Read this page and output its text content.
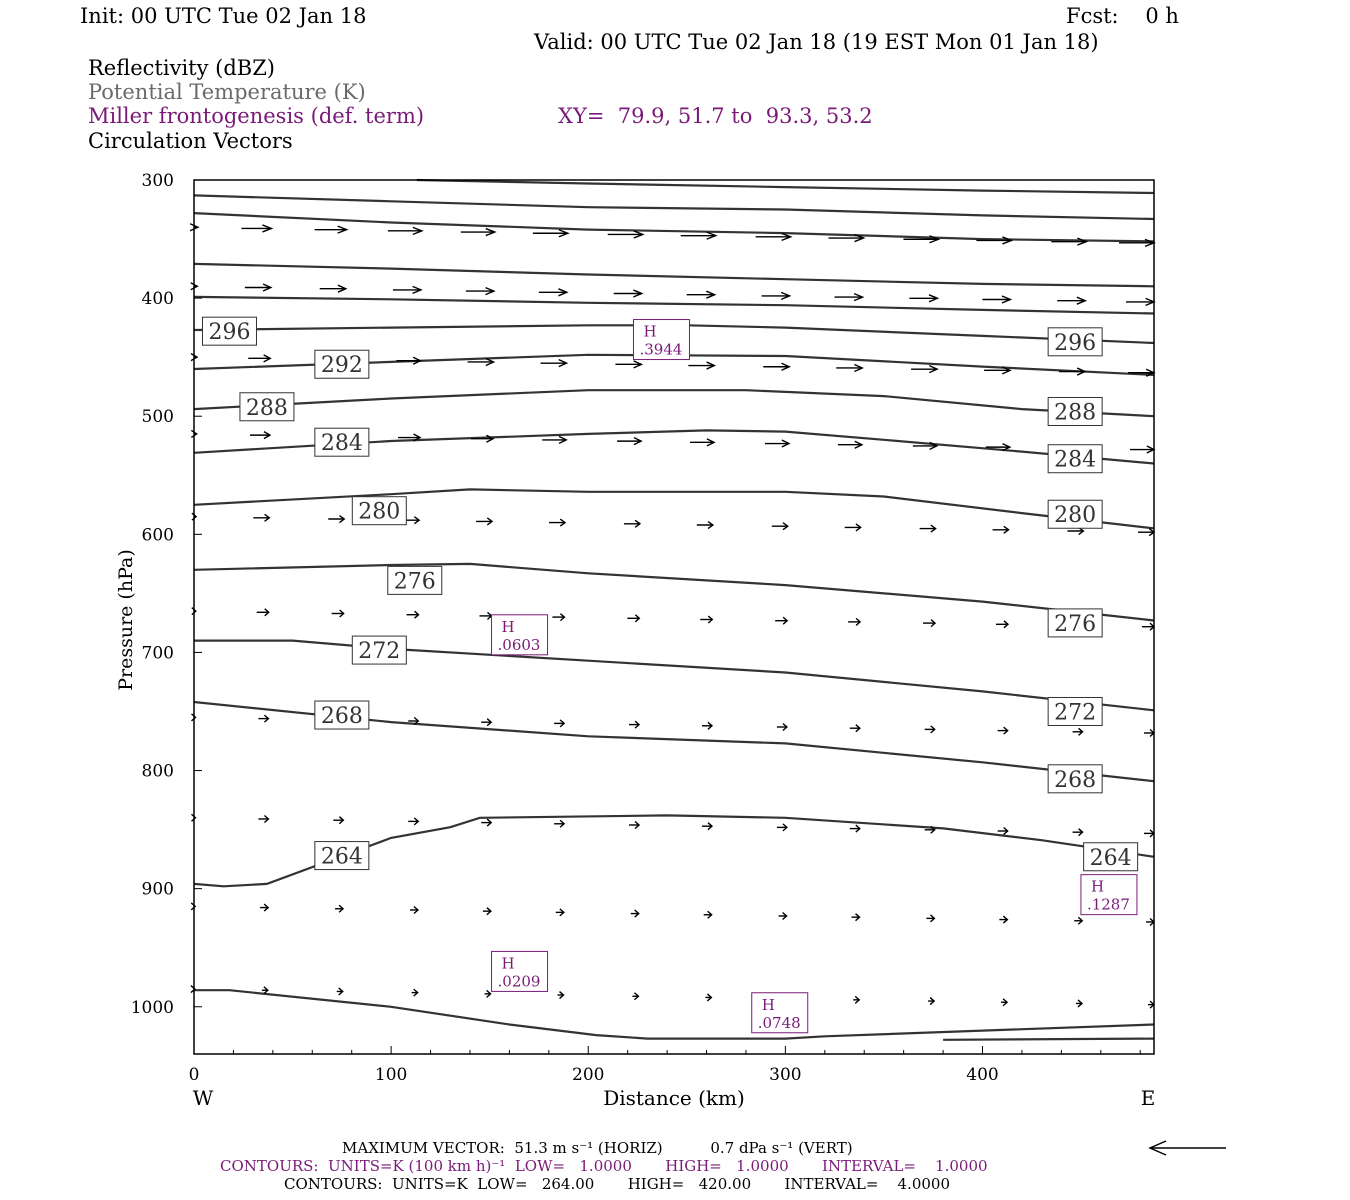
Init: 00 UTC Tue 02 Jan 18	Fcst:    0 h
Valid: 00 UTC Tue 02 Jan 18 (19 EST Mon 01 Jan 18)
Reflectivity (dBZ)
Potential Temperature (K)
Miller frontogenesis (def. term)	XY=  79.9, 51.7 to  93.3, 53.2
Circulation Vectors
296	296
292
288	288
284
284
280	280
276
276
272
272
268
268
264	264
H
.3944
H
.0603
H
.1287
H
.0209
H
.0748
300
400
500
600
700
800
900
1000
0	100	200	300	400
Pressure (hPa)
Distance (km)
W	E
MAXIMUM VECTOR:  51.3 m s⁻¹ (HORIZ)          0.7 dPa s⁻¹ (VERT)
CONTOURS:  UNITS=K (100 km h)⁻¹  LOW=   1.0000       HIGH=   1.0000       INTERVAL=    1.0000
CONTOURS:  UNITS=K  LOW=   264.00       HIGH=   420.00       INTERVAL=    4.0000
